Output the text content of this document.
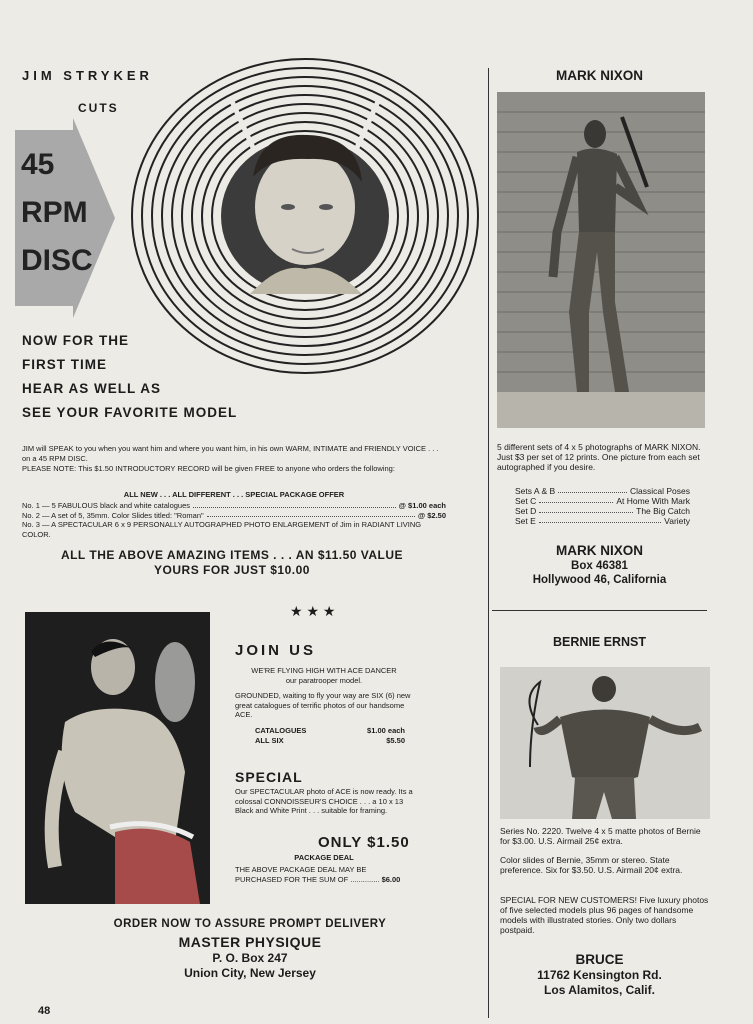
JIM STRYKER
CUTS
45
RPM
DISC
NOW FOR THE
FIRST TIME
HEAR AS WELL AS
SEE YOUR FAVORITE MODEL
JIM will SPEAK to you when you want him and where you want him, in his own WARM, INTIMATE and FRIENDLY VOICE . . . on a 45 RPM DISC.
PLEASE NOTE: This $1.50 INTRODUCTORY RECORD will be given FREE to anyone who orders the following:
ALL NEW . . . ALL DIFFERENT . . . SPECIAL PACKAGE OFFER
No. 1 — 5 FABULOUS black and white catalogues	@ $1.00 each
No. 2 — A set of 5, 35mm. Color Slides titled: "Roman"	@ $2.50
No. 3 — A SPECTACULAR 6 x 9 PERSONALLY AUTOGRAPHED PHOTO ENLARGEMENT of Jim in RADIANT LIVING COLOR.
ALL THE ABOVE AMAZING ITEMS . . . AN $11.50 VALUE
YOURS FOR JUST $10.00
★ ★ ★
JOIN US
WE'RE FLYING HIGH WITH ACE DANCER
our paratrooper model.
GROUNDED, waiting to fly your way are SIX (6) new great catalogues of terrific photos of our handsome ACE.
CATALOGUES	$1.00 each
ALL SIX	$5.50
SPECIAL
Our SPECTACULAR photo of ACE is now ready. Its a colossal CONNOISSEUR'S CHOICE . . . a 10 x 13 Black and White Print . . . suitable for framing.
ONLY $1.50
PACKAGE DEAL
THE ABOVE PACKAGE DEAL MAY BE PURCHASED FOR THE SUM OF .............. $6.00
ORDER NOW TO ASSURE PROMPT DELIVERY
MASTER PHYSIQUE
P. O. Box 247
Union City, New Jersey
48
MARK NIXON
5 different sets of 4 x 5 photographs of MARK NIXON. Just $3 per set of 12 prints. One picture from each set autographed if you desire.
Sets A & B	Classical Poses
Set C	At Home With Mark
Set D	The Big Catch
Set E	Variety
MARK NIXON
Box 46381
Hollywood 46, California
BERNIE ERNST
Series No. 2220. Twelve 4 x 5 matte photos of Bernie for $3.00. U.S. Airmail 25¢ extra.
Color slides of Bernie, 35mm or stereo. State preference. Six for $3.50. U.S. Airmail 20¢ extra.
SPECIAL FOR NEW CUSTOMERS! Five luxury photos of five selected models plus 96 pages of handsome models with illustrated stories. Only two dollars postpaid.
BRUCE
11762 Kensington Rd.
Los Alamitos, Calif.
